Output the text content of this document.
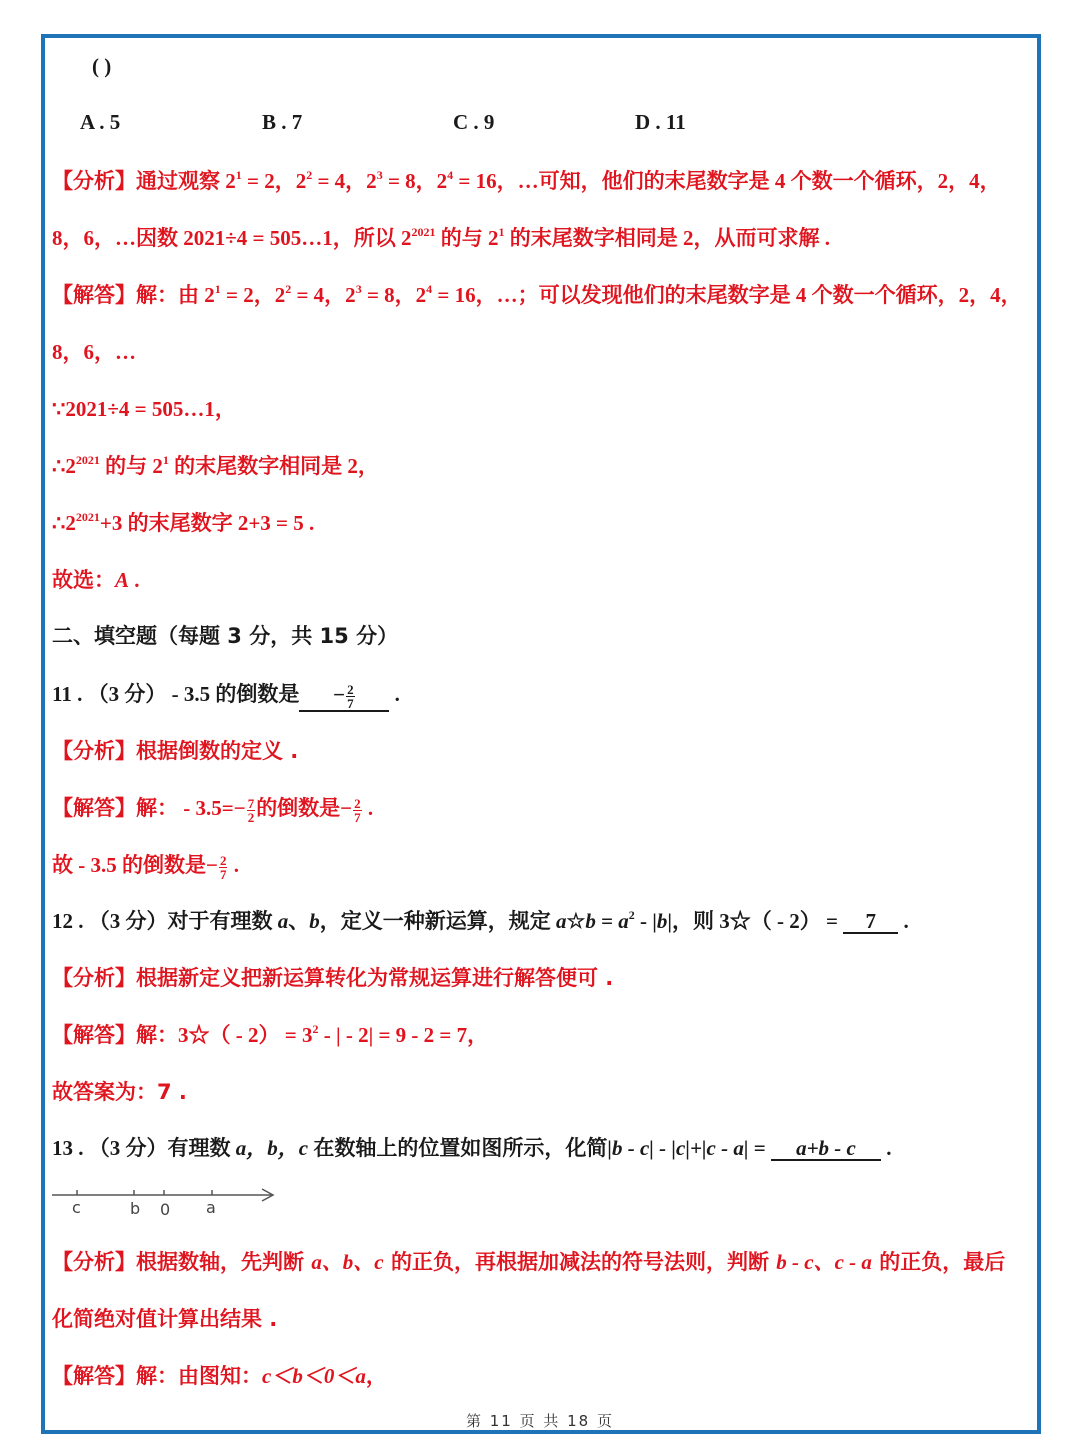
( )
A . 5	B . 7	C . 9	D . 11
【分析】通过观察 $2^1 = 2$，$2^2 = 4$，$2^3 = 8$，$2^4 = 16$，…可知，他们的末尾数字是 4 个数一个循环，2，4，
8，6，…因数 2021÷4 = 505…1，所以 $2^{2021}$ 的与 $2^1$ 的末尾数字相同是 2，从而可求解 .
【解答】解：由 $2^1 = 2$，$2^2 = 4$，$2^3 = 8$，$2^4 = 16$，…；可以发现他们的末尾数字是 4 个数一个循环，2，4，
8，6，…
∵2021÷4 = 505…1，
$\therefore 2^{2021}$ 的与 $2^1$ 的末尾数字相同是 2，
$\therefore 2^{2021}+3$ 的末尾数字 2+3 = 5 .
故选：A .
二、填空题（每题 3 分，共 15 分）
11 . （3 分） - 3.5 的倒数是 − $\frac{2}{7}$ .
【分析】根据倒数的定义 .
【解答】解： - $3.5=- \frac{7}{2}$ 的倒数是− $\frac{2}{7}$ .
故 - 3.5 的倒数是− $\frac{2}{7}$ .
12 . （3 分）对于有理数 a、b，定义一种新运算，规定 a☆b = $a^2 - |b|$，则 3☆（ - 2） = 7 .
【分析】根据新定义把新运算转化为常规运算进行解答便可 .
【解答】解：3☆（ - $2) = 3^2$ - | - 2| = 9 - 2 = 7，
故答案为：7 .
13 . （3 分）有理数 a，b，c 在数轴上的位置如图所示，化简|b - c| - |c|+|c - a| = a+b - c .
c	b 0 a
【分析】根据数轴，先判断 a、b、c 的正负，再根据加减法的符号法则，判断 b - c、c - a 的正负，最后
化简绝对值计算出结果 .
【解答】解：由图知：c＜b＜0＜a，
第 11 页 共 18 页
